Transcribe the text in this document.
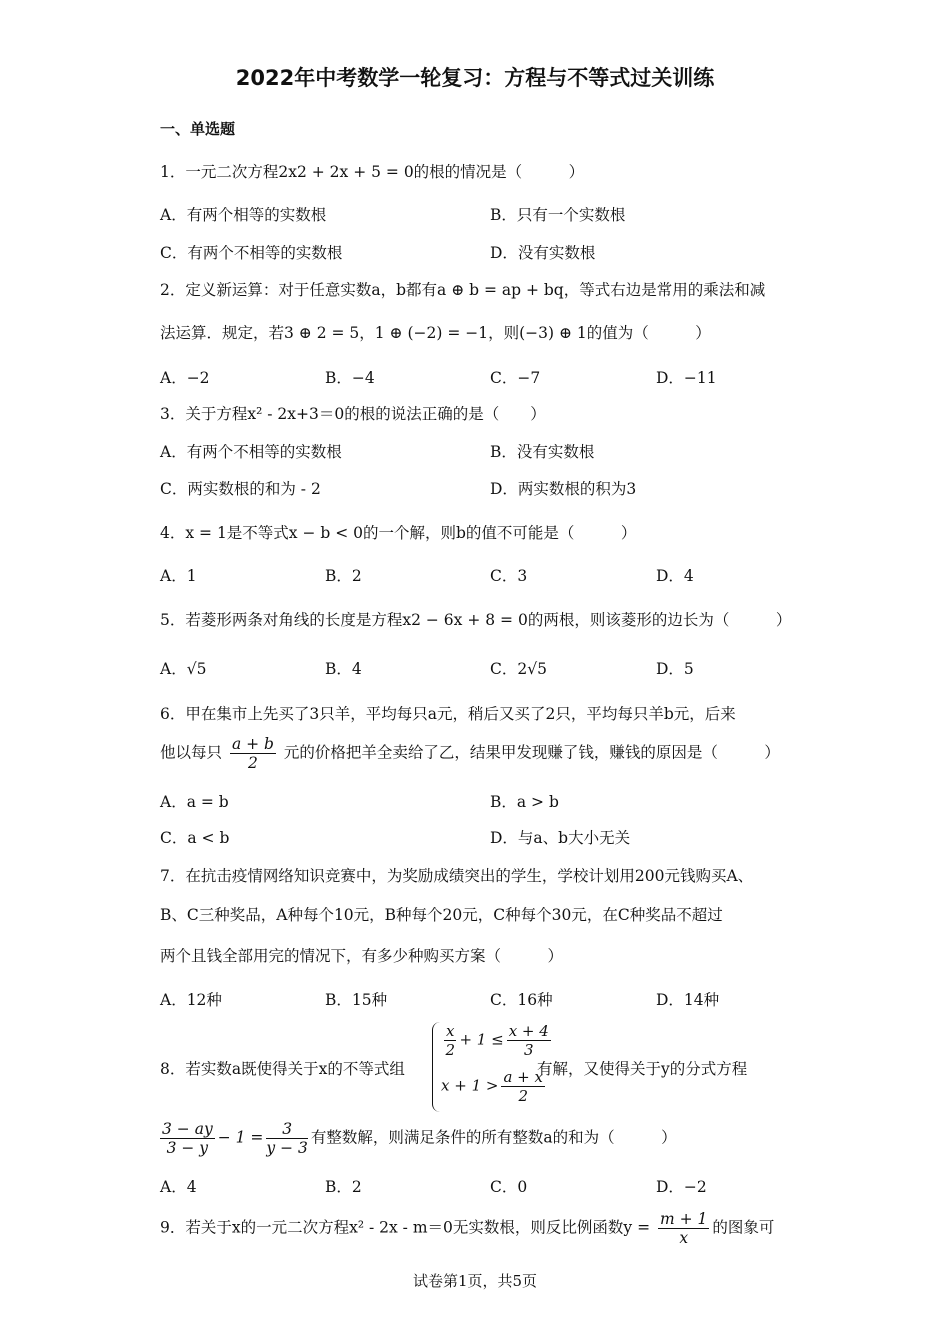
2022年中考数学一轮复习：方程与不等式过关训练
一、单选题
1．一元二次方程2x2 + 2x + 5 = 0的根的情况是（　　　）
A．有两个相等的实数根	B．只有一个实数根
C．有两个不相等的实数根	D．没有实数根
2．定义新运算：对于任意实数a，b都有a ⊕ b = ap + bq，等式右边是常用的乘法和减
法运算．规定，若3 ⊕ 2 = 5，1 ⊕ (−2) = −1，则(−3) ⊕ 1的值为（　　　）
A．−2	B．−4	C．−7	D．−11
3．关于方程x² - 2x+3＝0的根的说法正确的是（　　）
A．有两个不相等的实数根	B．没有实数根
C．两实数根的和为 - 2	D．两实数根的积为3
4．x = 1是不等式x − b < 0的一个解，则b的值不可能是（　　　）
A．1	B．2	C．3	D．4
5．若菱形两条对角线的长度是方程x2 − 6x + 8 = 0的两根，则该菱形的边长为（　　　）
A．√5	B．4	C．2√5	D．5
6．甲在集市上先买了3只羊，平均每只a元，稍后又买了2只，平均每只羊b元，后来
他以每只 $\frac{a + b}{2}$ 元的价格把羊全卖给了乙，结果甲发现赚了钱，赚钱的原因是（　　　）
A．a = b	B．a > b
C．a < b	D．与a、b大小无关
7．在抗击疫情网络知识竞赛中，为奖励成绩突出的学生，学校计划用200元钱购买A、
B、C三种奖品，A种每个10元，B种每个20元，C种每个30元，在C种奖品不超过
两个且钱全部用完的情况下，有多少种购买方案（　　　）
A．12种	B．15种	C．16种	D．14种
8．若实数a既使得关于x的不等式组
$\frac{x}{2} + 1 \le \frac{x + 4}{3}$
$x + 1 > \frac{a + x}{2}$
有解，又使得关于y的分式方程
$\frac{3 - ay}{3 - y} - 1 = \frac{3}{y - 3}$ 有整数解，则满足条件的所有整数a的和为（　　　）
A．4	B．2	C．0	D．−2
9．若关于x的一元二次方程x² - 2x - m＝0无实数根，则反比例函数$y = \frac{m + 1}{x}$ 的图象可
试卷第1页，共5页
